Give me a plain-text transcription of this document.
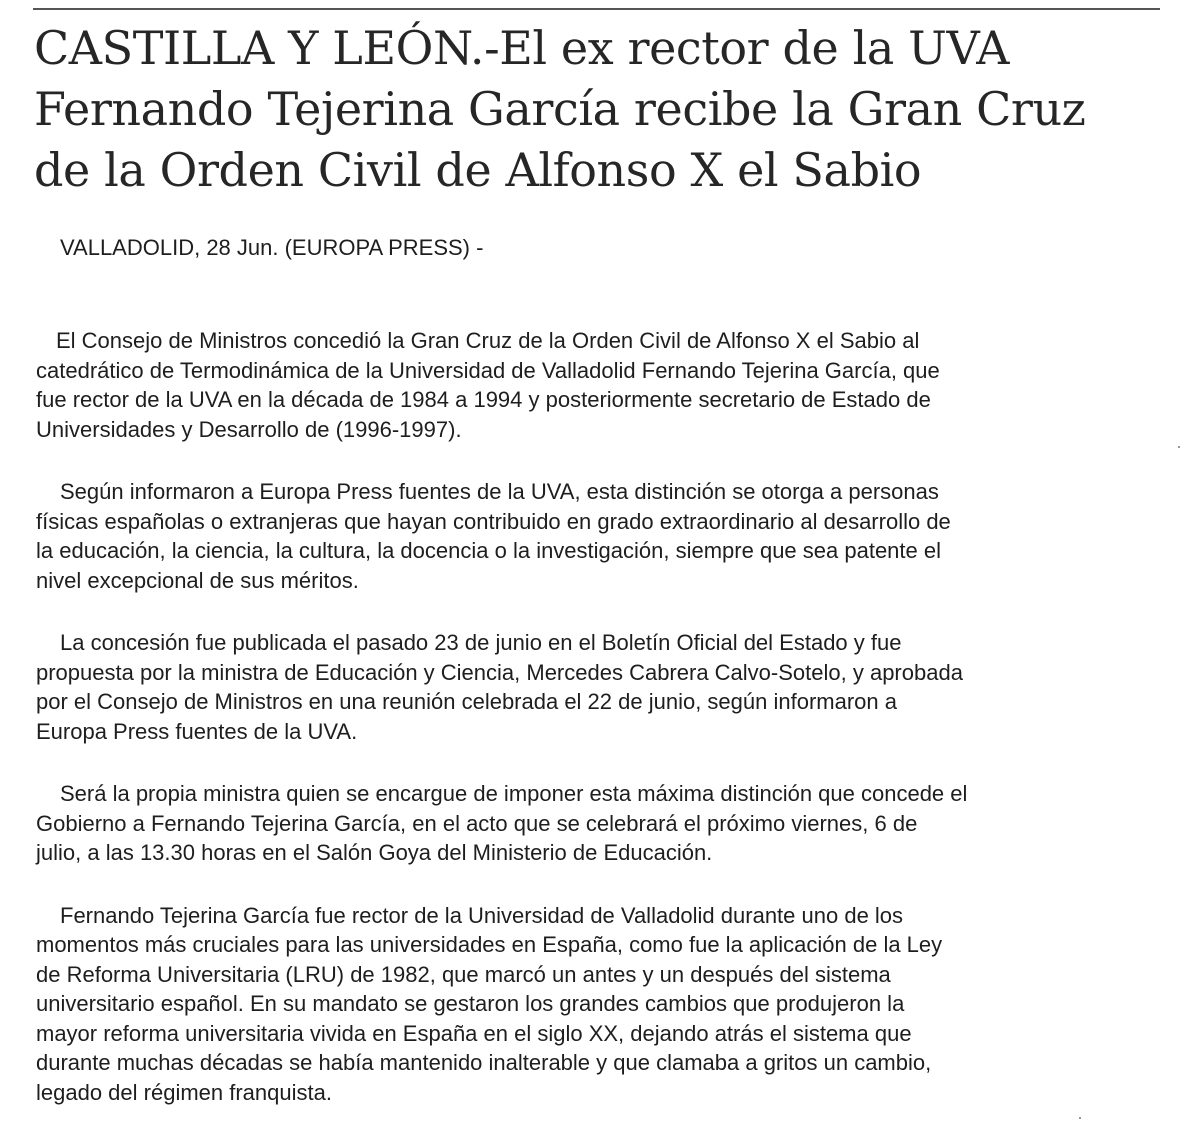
CASTILLA Y LEÓN.-El ex rector de la UVA
Fernando Tejerina García recibe la Gran Cruz
de la Orden Civil de Alfonso X el Sabio

VALLADOLID, 28 Jun. (EUROPA PRESS) -

El Consejo de Ministros concedió la Gran Cruz de la Orden Civil de Alfonso X el Sabio al
catedrático de Termodinámica de la Universidad de Valladolid Fernando Tejerina García, que
fue rector de la UVA en la década de 1984 a 1994 y posteriormente secretario de Estado de
Universidades y Desarrollo de (1996-1997).

Según informaron a Europa Press fuentes de la UVA, esta distinción se otorga a personas
físicas españolas o extranjeras que hayan contribuido en grado extraordinario al desarrollo de
la educación, la ciencia, la cultura, la docencia o la investigación, siempre que sea patente el
nivel excepcional de sus méritos.

La concesión fue publicada el pasado 23 de junio en el Boletín Oficial del Estado y fue
propuesta por la ministra de Educación y Ciencia, Mercedes Cabrera Calvo-Sotelo, y aprobada
por el Consejo de Ministros en una reunión celebrada el 22 de junio, según informaron a
Europa Press fuentes de la UVA.

Será la propia ministra quien se encargue de imponer esta máxima distinción que concede el
Gobierno a Fernando Tejerina García, en el acto que se celebrará el próximo viernes, 6 de
julio, a las 13.30 horas en el Salón Goya del Ministerio de Educación.

Fernando Tejerina García fue rector de la Universidad de Valladolid durante uno de los
momentos más cruciales para las universidades en España, como fue la aplicación de la Ley
de Reforma Universitaria (LRU) de 1982, que marcó un antes y un después del sistema
universitario español. En su mandato se gestaron los grandes cambios que produjeron la
mayor reforma universitaria vivida en España en el siglo XX, dejando atrás el sistema que
durante muchas décadas se había mantenido inalterable y que clamaba a gritos un cambio,
legado del régimen franquista.
